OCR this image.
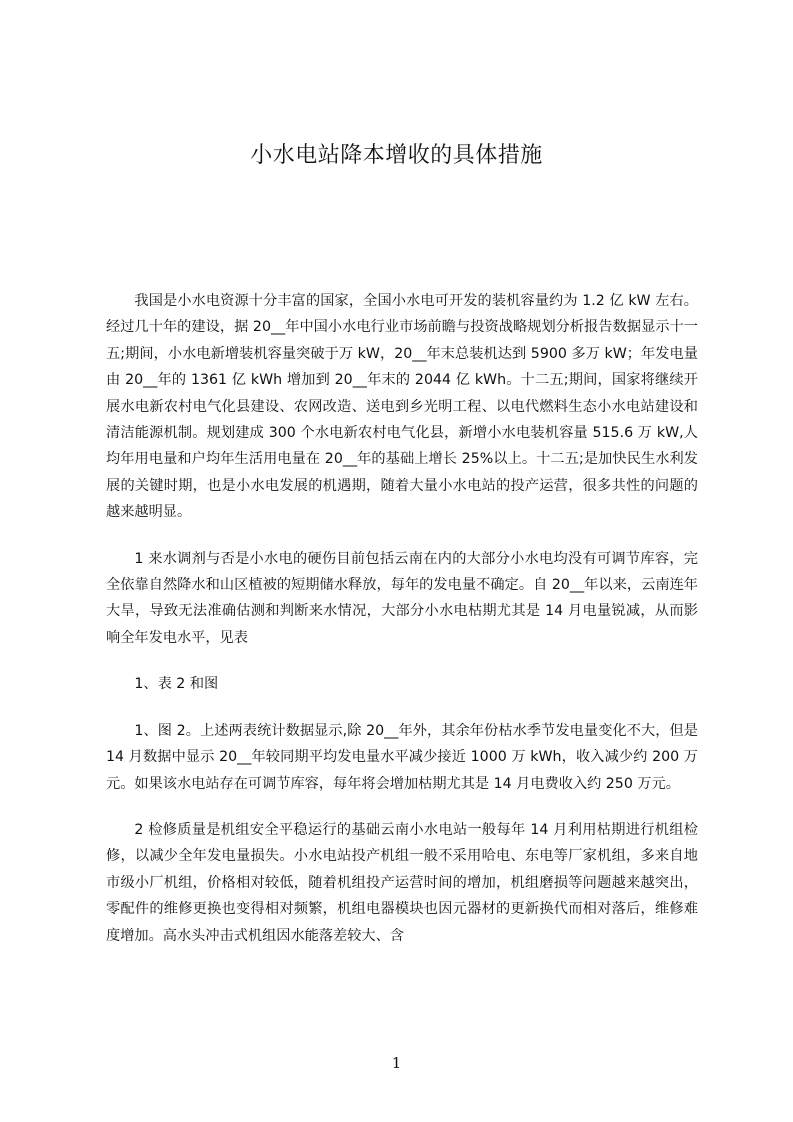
小水电站降本增收的具体措施

我国是小水电资源十分丰富的国家，全国小水电可开发的装机容量约为 1.2 亿 kW 左右。经过几十年的建设，据 20__年中国小水电行业市场前瞻与投资战略规划分析报告数据显示十一五;期间，小水电新增装机容量突破于万 kW，20__年末总装机达到 5900 多万 kW；年发电量由 20__年的 1361 亿 kWh 增加到 20__年末的 2044 亿 kWh。十二五;期间，国家将继续开展水电新农村电气化县建设、农网改造、送电到乡光明工程、以电代燃料生态小水电站建设和清洁能源机制。规划建成 300 个水电新农村电气化县，新增小水电装机容量 515.6 万 kW,人均年用电量和户均年生活用电量在 20__年的基础上增长 25%以上。十二五;是加快民生水利发展的关键时期，也是小水电发展的机遇期，随着大量小水电站的投产运营，很多共性的问题的越来越明显。

1 来水调剂与否是小水电的硬伤目前包括云南在内的大部分小水电均没有可调节库容，完全依靠自然降水和山区植被的短期储水释放，每年的发电量不确定。自 20__年以来，云南连年大旱，导致无法准确估测和判断来水情况，大部分小水电枯期尤其是 14 月电量锐减，从而影响全年发电水平，见表

1、表 2 和图

1、图 2。上述两表统计数据显示,除 20__年外，其余年份枯水季节发电量变化不大，但是 14 月数据中显示 20__年较同期平均发电量水平减少接近 1000 万 kWh，收入减少约 200 万元。如果该水电站存在可调节库容，每年将会增加枯期尤其是 14 月电费收入约 250 万元。

2 检修质量是机组安全平稳运行的基础云南小水电站一般每年 14 月利用枯期进行机组检修，以减少全年发电量损失。小水电站投产机组一般不采用哈电、东电等厂家机组，多来自地市级小厂机组，价格相对较低，随着机组投产运营时间的增加，机组磨损等问题越来越突出，零配件的维修更换也变得相对频繁，机组电器模块也因元器材的更新换代而相对落后，维修难度增加。高水头冲击式机组因水能落差较大、含

1
